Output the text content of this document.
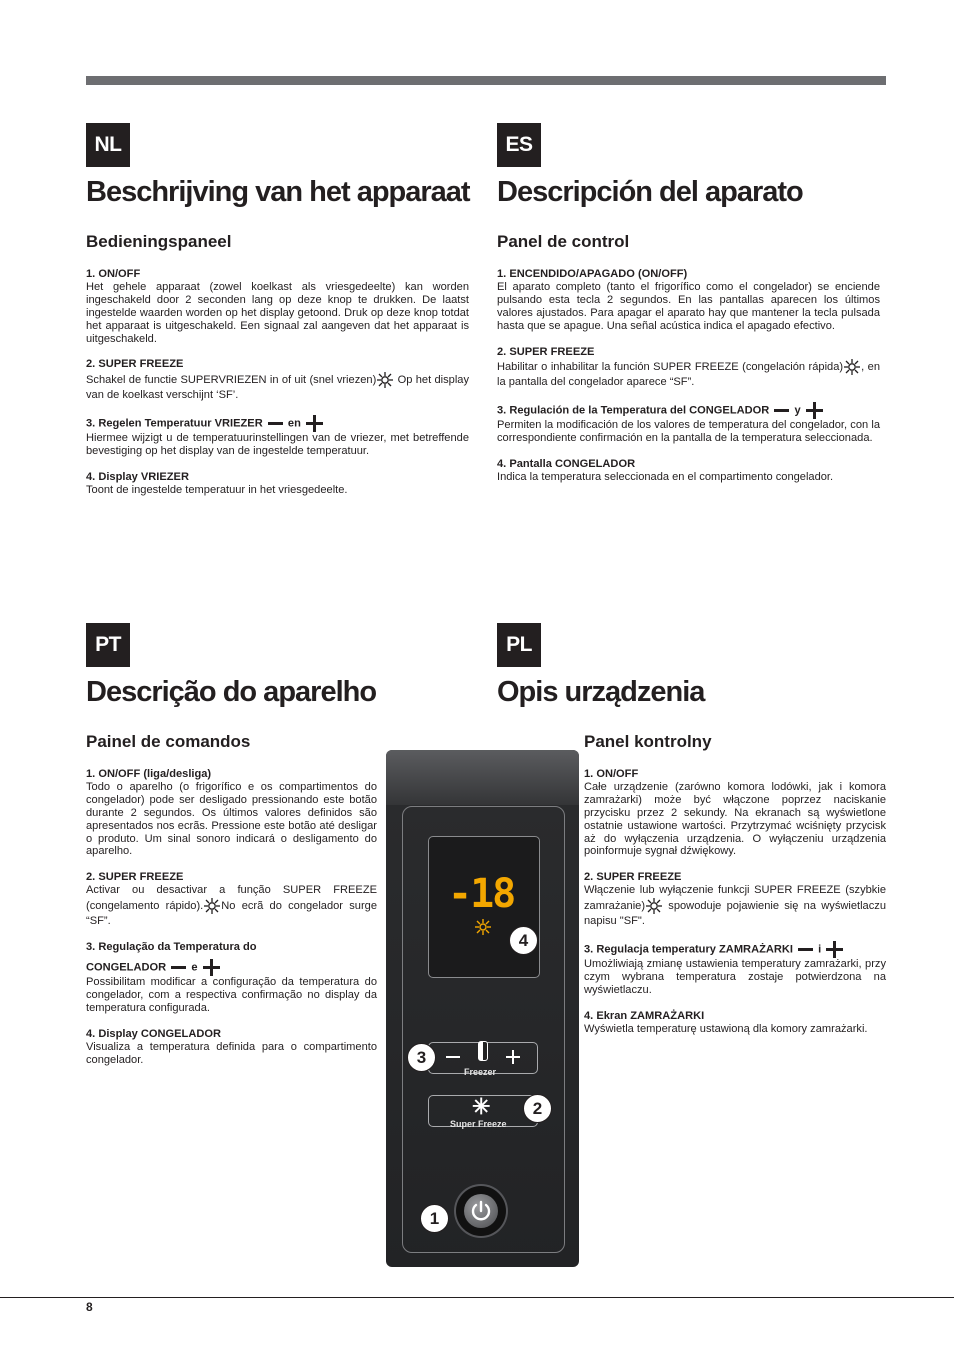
NL
Beschrijving van het apparaat
Bedieningspaneel
1. ON/OFF
Het gehele apparaat (zowel koelkast als vriesgedeelte) kan worden ingeschakeld door 2 seconden lang op deze knop te drukken. De laatst ingestelde waarden worden op het display getoond. Druk op deze knop totdat het apparaat is uitgeschakeld. Een signaal zal aangeven dat het apparaat is uitgeschakeld.
2. SUPER FREEZE
Schakel de functie SUPERVRIEZEN in of uit (snel vriezen) Op het display van de koelkast verschijnt ‘SF’.
3. Regelen Temperatuur VRIEZER en
Hiermee wijzigt u de temperatuurinstellingen van de vriezer, met betreffende bevestiging op het display van de ingestelde temperatuur.
4. Display VRIEZER
Toont de ingestelde temperatuur in het vriesgedeelte.
ES
Descripción del aparato
Panel de control
1. ENCENDIDO/APAGADO (ON/OFF)
El aparato completo (tanto el frigorífico como el congelador) se enciende pulsando esta tecla 2 segundos. En las pantallas aparecen los últimos valores ajustados. Para apagar el aparato hay que mantener la tecla pulsada hasta que se apague. Una señal acústica indica el apagado efectivo.
2. SUPER FREEZE
Habilitar o inhabilitar la función SUPER FREEZE (congelación rápida) , en la pantalla del congelador aparece “SF”.
3. Regulación de la Temperatura del CONGELADOR y
Permiten la modificación de los valores de temperatura del congelador, con la correspondiente confirmación en la pantalla de la temperatura seleccionada.
4. Pantalla CONGELADOR
Indica la temperatura seleccionada en el compartimento congelador.
PT
Descrição do aparelho
Painel de comandos
1. ON/OFF (liga/desliga)
Todo o aparelho (o frigorífico e os compartimentos do congelador) pode ser desligado pressionando este botão durante 2 segundos. Os últimos valores definidos são apresentados nos ecrãs. Pressione este botão até desligar o produto. Um sinal sonoro indicará o desligamento do aparelho.
2. SUPER FREEZE
Activar ou desactivar a função SUPER FREEZE (congelamento rápido). No ecrã do congelador surge “SF”.
3. Regulação da Temperatura do
CONGELADOR e
Possibilitam modificar a configuração da temperatura do congelador, com a respectiva confirmação no display da temperatura configurada.
4. Display CONGELADOR
Visualiza a temperatura definida para o compartimento congelador.
PL
Opis urządzenia
Panel kontrolny
1. ON/OFF
Całe urządzenie (zarówno komora lodówki, jak i komora zamrażarki) może być włączone poprzez naciskanie przycisku przez 2 sekundy. Na ekranach są wyświetlone ostatnie ustawione wartości. Przytrzymać wciśnięty przycisk aż do wyłączenia urządzenia. O wyłączeniu urządzenia poinformuje sygnał dźwiękowy.
2. SUPER FREEZE
Włączenie lub wyłączenie funkcji SUPER FREEZE (szybkie zamrażanie) spowoduje pojawienie się na wyświetlaczu napisu "SF".
3. Regulacja temperatury ZAMRAŻARKI i
Umożliwiają zmianę ustawienia temperatury zamrażarki, przy czym wybrana temperatura zostaje potwierdzona na wyświetlaczu.
4. Ekran ZAMRAŻARKI
Wyświetla temperaturę ustawioną dla komory zamrażarki.
-18
Freezer
✳
Super Freeze
4
3
2
1
8
